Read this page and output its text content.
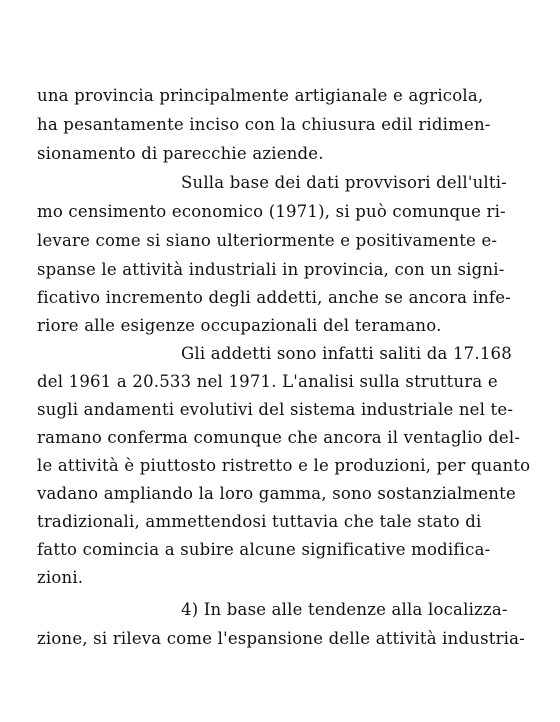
una provincia principalmente artigianale e agricola,
ha pesantamente inciso con la chiusura edil ridimen-
sionamento di parecchie aziende.
Sulla base dei dati provvisori dell'ulti-
mo censimento economico (1971), si può comunque ri-
levare come si siano ulteriormente e positivamente e-
spanse le attività industriali in provincia, con un signi-
ficativo incremento degli addetti, anche se ancora infe-
riore alle esigenze occupazionali del teramano.
Gli addetti sono infatti saliti da 17.168
del 1961 a 20.533 nel 1971. L'analisi sulla struttura e
sugli andamenti evolutivi del sistema industriale nel te-
ramano conferma comunque che ancora il ventaglio del-
le attività è piuttosto ristretto e le produzioni, per quanto
vadano ampliando la loro gamma, sono sostanzialmente
tradizionali, ammettendosi tuttavia che tale stato di
fatto comincia a subire alcune significative modifica-
zioni.
4) In base alle tendenze alla localizza-
zione, si rileva come l'espansione delle attività industria-
